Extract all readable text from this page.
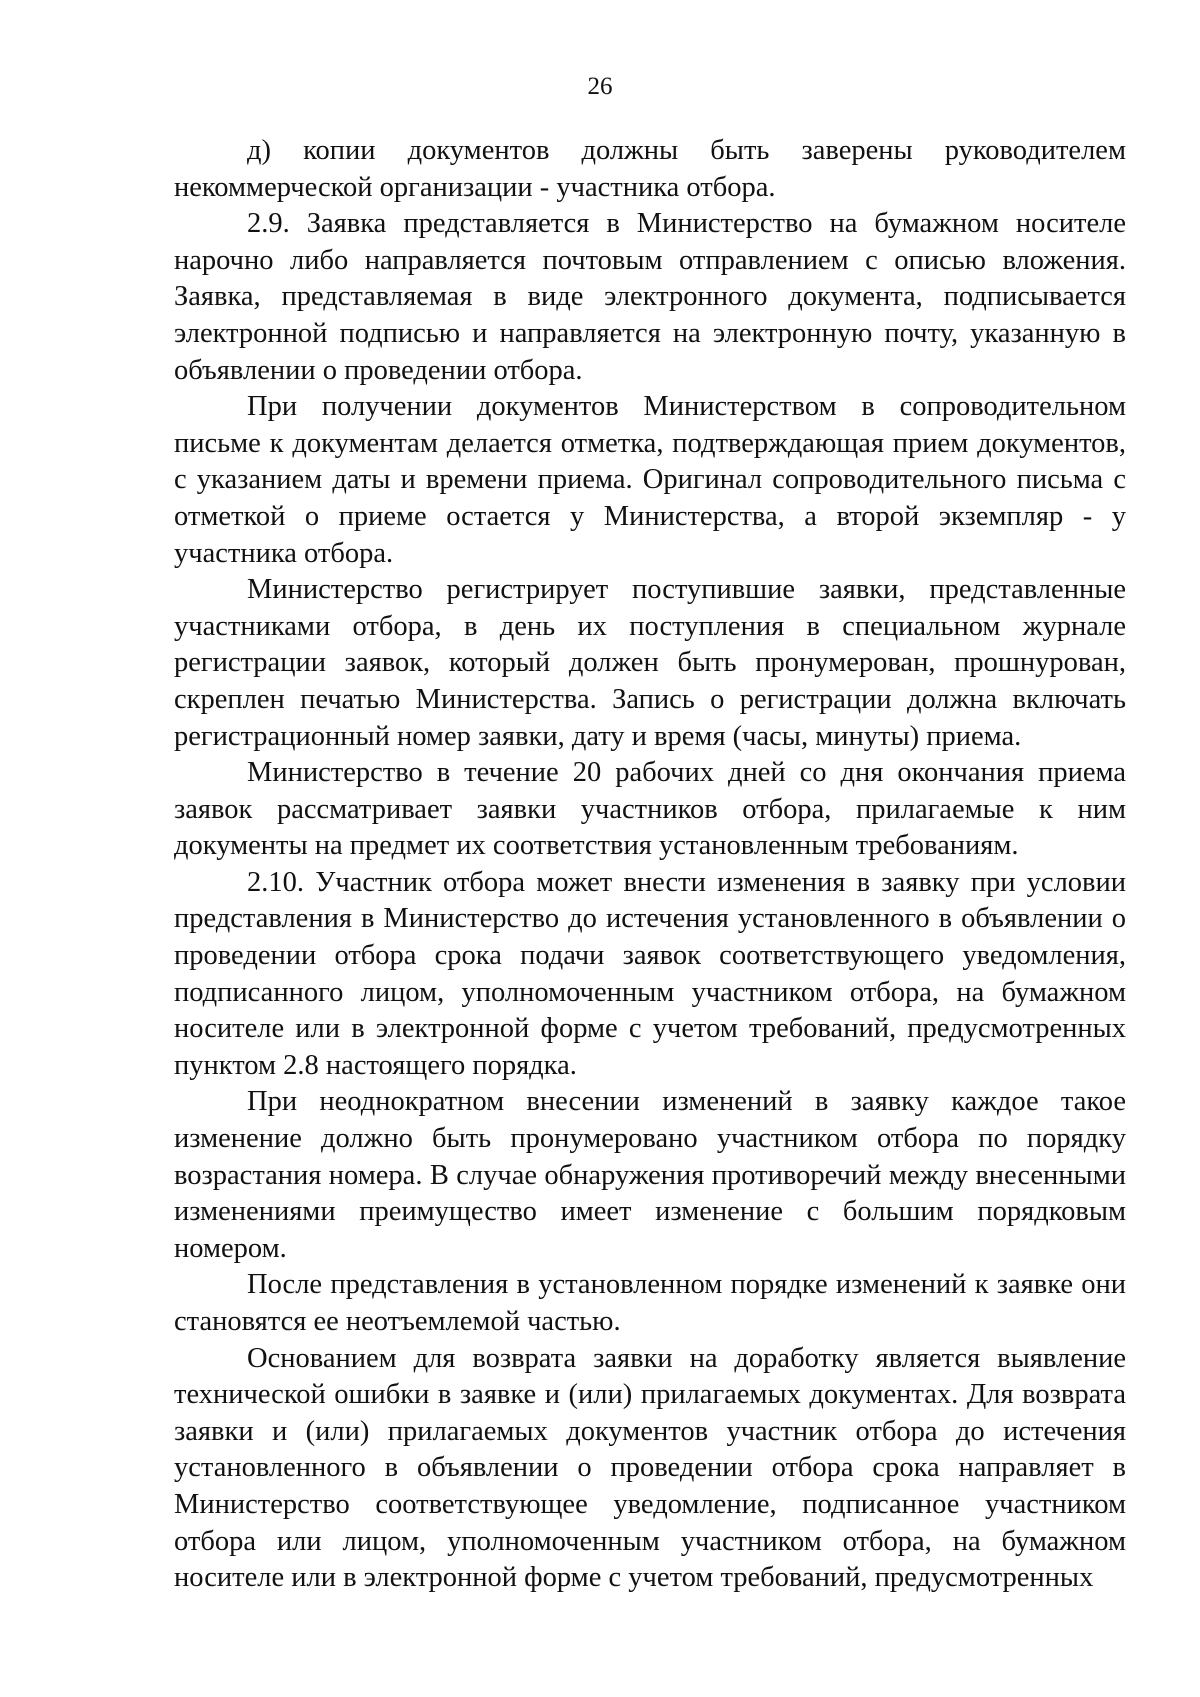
26

д) копии документов должны быть заверены руководителем некоммерческой организации - участника отбора.

2.9. Заявка представляется в Министерство на бумажном носителе нарочно либо направляется почтовым отправлением с описью вложения. Заявка, представляемая в виде электронного документа, подписывается электронной подписью и направляется на электронную почту, указанную в объявлении о проведении отбора.

При получении документов Министерством в сопроводительном письме к документам делается отметка, подтверждающая прием документов, с указанием даты и времени приема. Оригинал сопроводительного письма с отметкой о приеме остается у Министерства, а второй экземпляр - у участника отбора.

Министерство регистрирует поступившие заявки, представленные участниками отбора, в день их поступления в специальном журнале регистрации заявок, который должен быть пронумерован, прошнурован, скреплен печатью Министерства. Запись о регистрации должна включать регистрационный номер заявки, дату и время (часы, минуты) приема.

Министерство в течение 20 рабочих дней со дня окончания приема заявок рассматривает заявки участников отбора, прилагаемые к ним документы на предмет их соответствия установленным требованиям.

2.10. Участник отбора может внести изменения в заявку при условии представления в Министерство до истечения установленного в объявлении о проведении отбора срока подачи заявок соответствующего уведомления, подписанного лицом, уполномоченным участником отбора, на бумажном носителе или в электронной форме с учетом требований, предусмотренных пунктом 2.8 настоящего порядка.

При неоднократном внесении изменений в заявку каждое такое изменение должно быть пронумеровано участником отбора по порядку возрастания номера. В случае обнаружения противоречий между внесенными изменениями преимущество имеет изменение с большим порядковым номером.

После представления в установленном порядке изменений к заявке они становятся ее неотъемлемой частью.

Основанием для возврата заявки на доработку является выявление технической ошибки в заявке и (или) прилагаемых документах. Для возврата заявки и (или) прилагаемых документов участник отбора до истечения установленного в объявлении о проведении отбора срока направляет в Министерство соответствующее уведомление, подписанное участником отбора или лицом, уполномоченным участником отбора, на бумажном носителе или в электронной форме с учетом требований, предусмотренных
